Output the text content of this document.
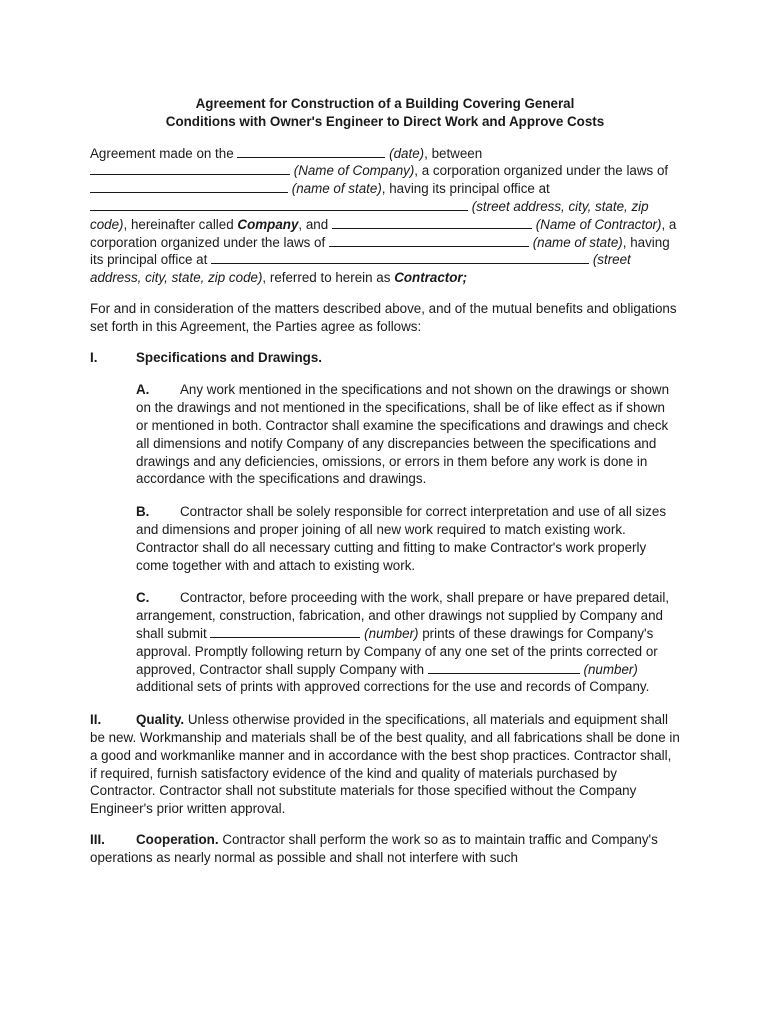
Agreement for Construction of a Building Covering General
Conditions with Owner's Engineer to Direct Work and Approve Costs

Agreement made on the	(date), between  (Name of Company), a corporation organized under the laws of  (name of state), having its principal office at  (street address, city, state, zip code), hereinafter called Company, and	(Name of Contractor), a corporation organized under the laws of	(name of state), having its principal office at	(street address, city, state, zip code), referred to herein as Contractor;

For and in consideration of the matters described above, and of the mutual benefits and obligations set forth in this Agreement, the Parties agree as follows:

I.	Specifications and Drawings.

A. Any work mentioned in the specifications and not shown on the drawings or shown on the drawings and not mentioned in the specifications, shall be of like effect as if shown or mentioned in both. Contractor shall examine the specifications and drawings and check all dimensions and notify Company of any discrepancies between the specifications and drawings and any deficiencies, omissions, or errors in them before any work is done in accordance with the specifications and drawings.

B. Contractor shall be solely responsible for correct interpretation and use of all sizes and dimensions and proper joining of all new work required to match existing work. Contractor shall do all necessary cutting and fitting to make Contractor's work properly come together with and attach to existing work.

C. Contractor, before proceeding with the work, shall prepare or have prepared detail, arrangement, construction, fabrication, and other drawings not supplied by Company and shall submit	(number) prints of these drawings for Company's approval. Promptly following return by Company of any one set of the prints corrected or approved, Contractor shall supply Company with	(number) additional sets of prints with approved corrections for the use and records of Company.

II.	Quality. Unless otherwise provided in the specifications, all materials and equipment shall be new. Workmanship and materials shall be of the best quality, and all fabrications shall be done in a good and workmanlike manner and in accordance with the best shop practices. Contractor shall, if required, furnish satisfactory evidence of the kind and quality of materials purchased by Contractor. Contractor shall not substitute materials for those specified without the Company Engineer's prior written approval.

III. Cooperation. Contractor shall perform the work so as to maintain traffic and Company's operations as nearly normal as possible and shall not interfere with such
